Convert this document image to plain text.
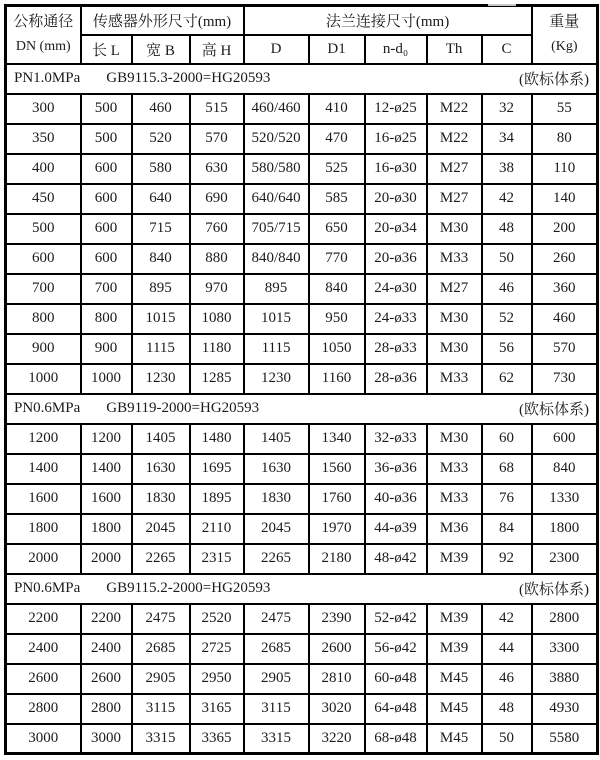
公称通径
DN (mm)	传感器外形尺寸(mm)			法兰连接尺寸(mm)					重量
(Kg)

	长 L	宽 B	高 H	D	D1	n-d₀	Th	C	

PN1.0MPa GB9115.3-2000=HG20593 (欧标体系)									

300	500	460	515	460/460	410	12-ø25	M22	32	55
350	500	520	570	520/520	470	16-ø25	M22	34	80
400	600	580	630	580/580	525	16-ø30	M27	38	110
450	600	640	690	640/640	585	20-ø30	M27	42	140
500	600	715	760	705/715	650	20-ø34	M30	48	200
600	600	840	880	840/840	770	20-ø36	M33	50	260
700	700	895	970	895	840	24-ø30	M27	46	360
800	800	1015	1080	1015	950	24-ø33	M30	52	460
900	900	1115	1180	1115	1050	28-ø33	M30	56	570
1000	1000	1230	1285	1230	1160	28-ø36	M33	62	730

PN0.6MPa GB9119-2000=HG20593 (欧标体系)									

1200	1200	1405	1480	1405	1340	32-ø33	M30	60	600
1400	1400	1630	1695	1630	1560	36-ø36	M33	68	840
1600	1600	1830	1895	1830	1760	40-ø36	M33	76	1330
1800	1800	2045	2110	2045	1970	44-ø39	M36	84	1800
2000	2000	2265	2315	2265	2180	48-ø42	M39	92	2300

PN0.6MPa GB9115.2-2000=HG20593 (欧标体系)									

2200	2200	2475	2520	2475	2390	52-ø42	M39	42	2800
2400	2400	2685	2725	2685	2600	56-ø42	M39	44	3300
2600	2600	2905	2950	2905	2810	60-ø48	M45	46	3880
2800	2800	3115	3165	3115	3020	64-ø48	M45	48	4930
3000	3000	3315	3365	3315	3220	68-ø48	M45	50	5580
